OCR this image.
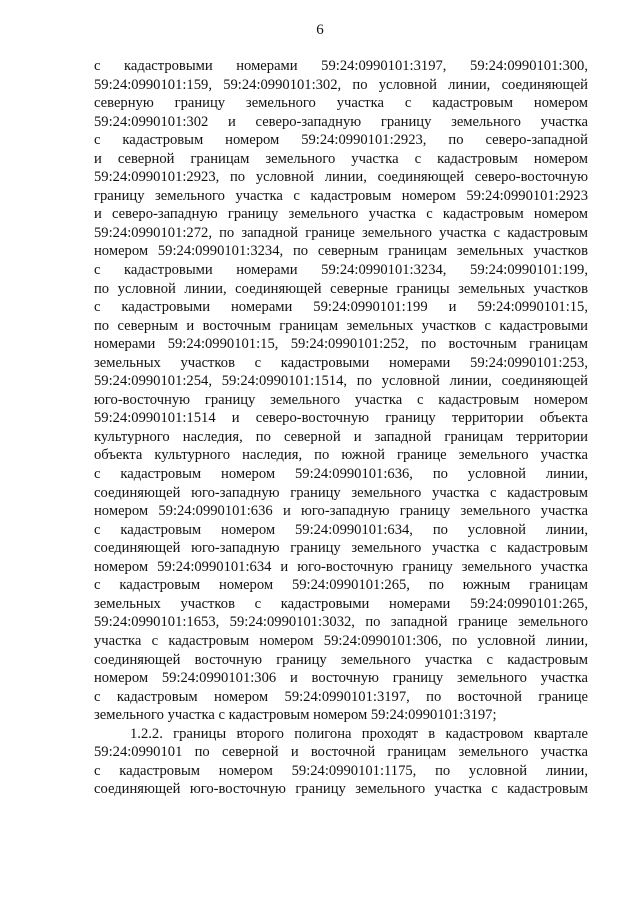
6
с кадастровыми номерами 59:24:0990101:3197, 59:24:0990101:300,
59:24:0990101:159, 59:24:0990101:302, по условной линии, соединяющей
северную границу земельного участка с кадастровым номером
59:24:0990101:302 и северо-западную границу земельного участка
с кадастровым номером 59:24:0990101:2923, по северо-западной
и северной границам земельного участка с кадастровым номером
59:24:0990101:2923, по условной линии, соединяющей северо-восточную
границу земельного участка с кадастровым номером 59:24:0990101:2923
и северо-западную границу земельного участка с кадастровым номером
59:24:0990101:272, по западной границе земельного участка с кадастровым
номером 59:24:0990101:3234, по северным границам земельных участков
с кадастровыми номерами 59:24:0990101:3234, 59:24:0990101:199,
по условной линии, соединяющей северные границы земельных участков
с кадастровыми номерами 59:24:0990101:199 и 59:24:0990101:15,
по северным и восточным границам земельных участков с кадастровыми
номерами 59:24:0990101:15, 59:24:0990101:252, по восточным границам
земельных участков с кадастровыми номерами 59:24:0990101:253,
59:24:0990101:254, 59:24:0990101:1514, по условной линии, соединяющей
юго-восточную границу земельного участка с кадастровым номером
59:24:0990101:1514 и северо-восточную границу территории объекта
культурного наследия, по северной и западной границам территории
объекта культурного наследия, по южной границе земельного участка
с кадастровым номером 59:24:0990101:636, по условной линии,
соединяющей юго-западную границу земельного участка с кадастровым
номером 59:24:0990101:636 и юго-западную границу земельного участка
с кадастровым номером 59:24:0990101:634, по условной линии,
соединяющей юго-западную границу земельного участка с кадастровым
номером 59:24:0990101:634 и юго-восточную границу земельного участка
с кадастровым номером 59:24:0990101:265, по южным границам
земельных участков с кадастровыми номерами 59:24:0990101:265,
59:24:0990101:1653, 59:24:0990101:3032, по западной границе земельного
участка с кадастровым номером 59:24:0990101:306, по условной линии,
соединяющей восточную границу земельного участка с кадастровым
номером 59:24:0990101:306 и восточную границу земельного участка
с кадастровым номером 59:24:0990101:3197, по восточной границе
земельного участка с кадастровым номером 59:24:0990101:3197;
1.2.2. границы второго полигона проходят в кадастровом квартале
59:24:0990101 по северной и восточной границам земельного участка
с кадастровым номером 59:24:0990101:1175, по условной линии,
соединяющей юго-восточную границу земельного участка с кадастровым
